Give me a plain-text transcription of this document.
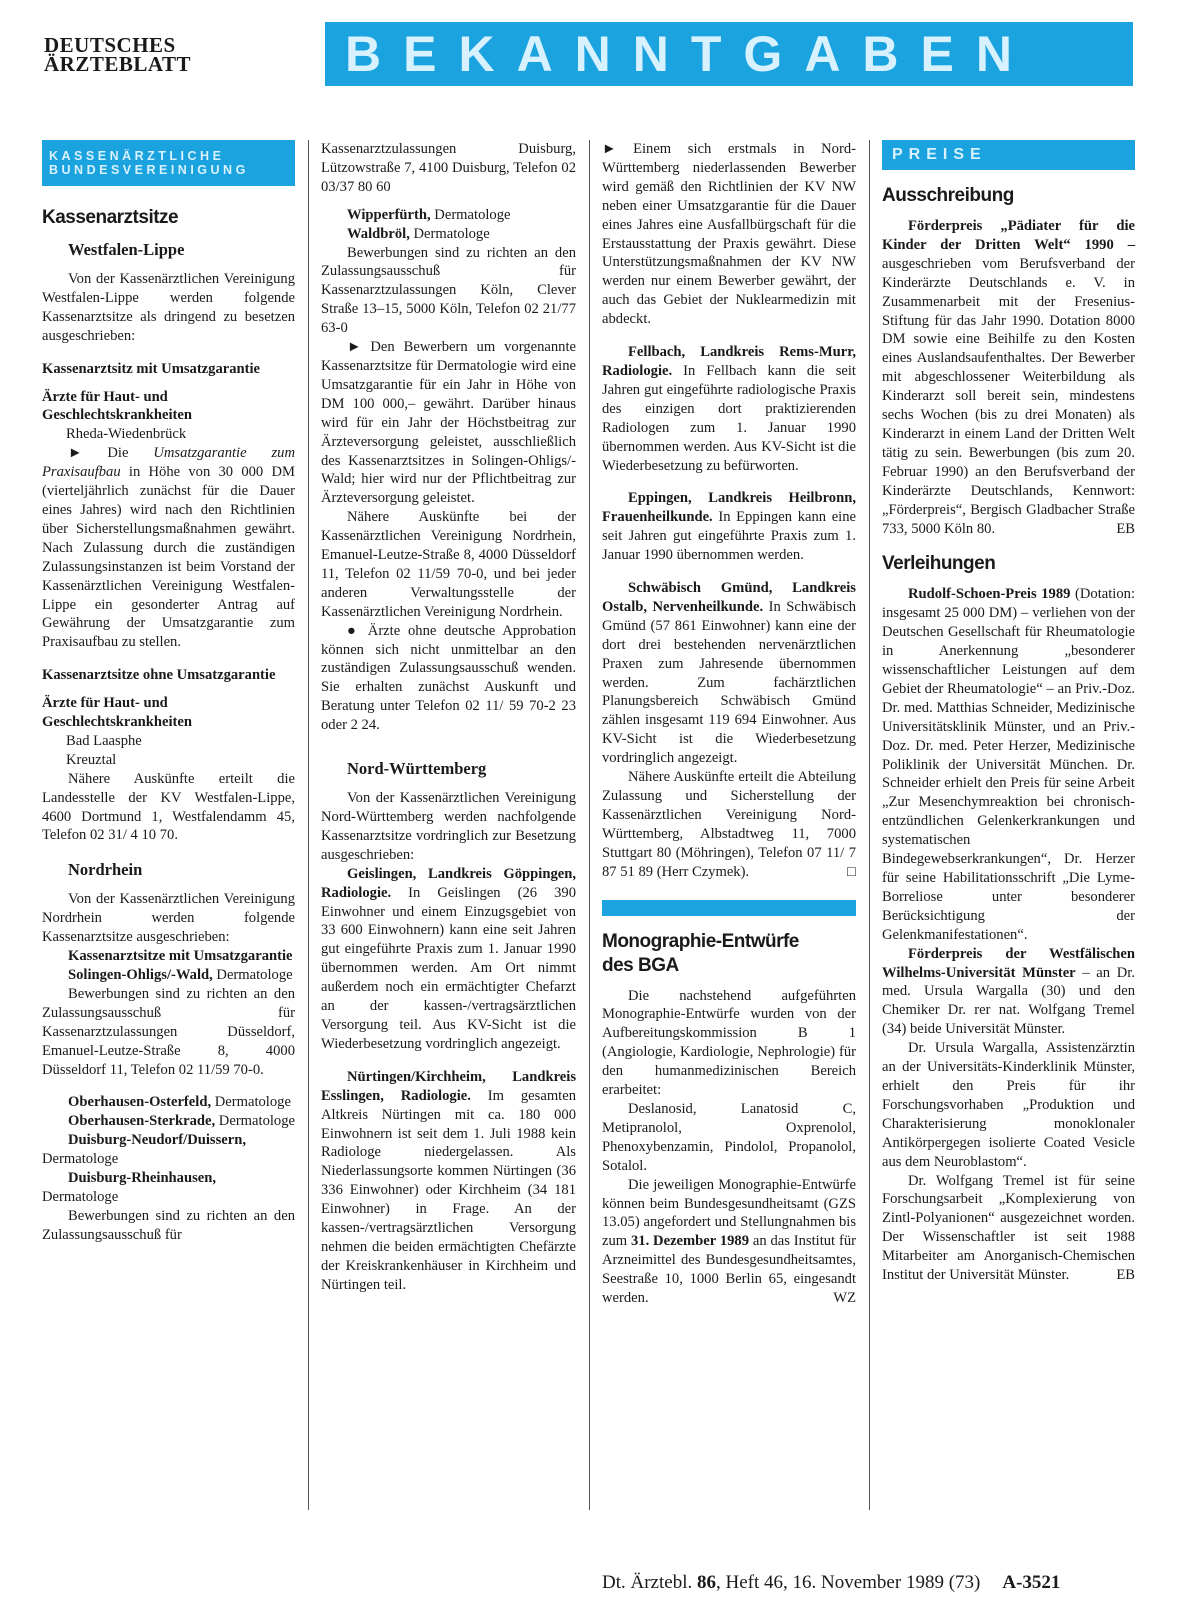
DEUTSCHES
ÄRZTEBLATT	BEKANNTGABEN
KASSENÄRZTLICHE
BUNDESVEREINIGUNG
Kassenarztsitze
Westfalen-Lippe

Von der Kassenärztlichen Vereinigung Westfalen-Lippe werden folgende Kassenarztsitze als dringend zu besetzen ausgeschrieben:

Kassenarztsitz mit Umsatzgarantie

Ärzte für Haut- und Geschlechtskrankheiten

Rheda-Wiedenbrück

► Die Umsatzgarantie zum Praxisaufbau in Höhe von 30 000 DM (vierteljährlich zunächst für die Dauer eines Jahres) wird nach den Richtlinien über Sicherstellungsmaßnahmen gewährt. Nach Zulassung durch die zuständigen Zulassungsinstanzen ist beim Vorstand der Kassenärztlichen Vereinigung Westfalen-Lippe ein gesonderter Antrag auf Gewährung der Umsatzgarantie zum Praxisaufbau zu stellen.

Kassenarztsitze ohne Umsatzgarantie

Ärzte für Haut- und Geschlechtskrankheiten

Bad Laasphe

Kreuztal

Nähere Auskünfte erteilt die Landesstelle der KV Westfalen-Lippe, 4600 Dortmund 1, Westfalendamm 45, Telefon 02 31/ 4 10 70.

Nordrhein

Von der Kassenärztlichen Vereinigung Nordrhein werden folgende Kassenarztsitze ausgeschrieben:

Kassenarztsitze mit Umsatzgarantie

Solingen-Ohligs/-Wald, Dermatologe

Bewerbungen sind zu richten an den Zulassungsausschuß für Kassenarztzulassungen Düsseldorf, Emanuel-Leutze-Straße 8, 4000 Düsseldorf 11, Telefon 02 11/59 70-0.

Oberhausen-Osterfeld, Dermatologe

Oberhausen-Sterkrade, Dermatologe

Duisburg-Neudorf/Duissern, Dermatologe

Duisburg-Rheinhausen, Dermatologe

Bewerbungen sind zu richten an den Zulassungsausschuß für

Kassenarztzulassungen Duisburg, Lützowstraße 7, 4100 Duisburg, Telefon 02 03/37 80 60

Wipperfürth, Dermatologe

Waldbröl, Dermatologe

Bewerbungen sind zu richten an den Zulassungsausschuß für Kassenarztzulassungen Köln, Clever Straße 13–15, 5000 Köln, Telefon 02 21/77 63-0

► Den Bewerbern um vorgenannte Kassenarztsitze für Dermatologie wird eine Umsatzgarantie für ein Jahr in Höhe von DM 100 000,– gewährt. Darüber hinaus wird für ein Jahr der Höchstbeitrag zur Ärzteversorgung geleistet, ausschließlich des Kassenarztsitzes in Solingen-Ohligs/-Wald; hier wird nur der Pflichtbeitrag zur Ärzteversorgung geleistet.

Nähere Auskünfte bei der Kassenärztlichen Vereinigung Nordrhein, Emanuel-Leutze-Straße 8, 4000 Düsseldorf 11, Telefon 02 11/59 70-0, und bei jeder anderen Verwaltungsstelle der Kassenärztlichen Vereinigung Nordrhein.

● Ärzte ohne deutsche Approbation können sich nicht unmittelbar an den zuständigen Zulassungsausschuß wenden. Sie erhalten zunächst Auskunft und Beratung unter Telefon 02 11/ 59 70-2 23 oder 2 24.

Nord-Württemberg

Von der Kassenärztlichen Vereinigung Nord-Württemberg werden nachfolgende Kassenarztsitze vordringlich zur Besetzung ausgeschrieben:

Geislingen, Landkreis Göppingen, Radiologie. In Geislingen (26 390 Einwohner und einem Einzugsgebiet von 33 600 Einwohnern) kann eine seit Jahren gut eingeführte Praxis zum 1. Januar 1990 übernommen werden. Am Ort nimmt außerdem noch ein ermächtigter Chefarzt an der kassen-/vertragsärztlichen Versorgung teil. Aus KV-Sicht ist die Wiederbesetzung vordringlich angezeigt.

Nürtingen/Kirchheim, Landkreis Esslingen, Radiologie. Im gesamten Altkreis Nürtingen mit ca. 180 000 Einwohnern ist seit dem 1. Juli 1988 kein Radiologe niedergelassen. Als Niederlassungsorte kommen Nürtingen (36 336 Einwohner) oder Kirchheim (34 181 Einwohner) in Frage. An der kassen-/vertragsärztlichen Versorgung nehmen die beiden ermächtigten Chefärzte der Kreiskrankenhäuser in Kirchheim und Nürtingen teil.

► Einem sich erstmals in Nord-Württemberg niederlassenden Bewerber wird gemäß den Richtlinien der KV NW neben einer Umsatzgarantie für die Dauer eines Jahres eine Ausfallbürgschaft für die Erstausstattung der Praxis gewährt. Diese Unterstützungsmaßnahmen der KV NW werden nur einem Bewerber gewährt, der auch das Gebiet der Nuklearmedizin mit abdeckt.

Fellbach, Landkreis Rems-Murr, Radiologie. In Fellbach kann die seit Jahren gut eingeführte radiologische Praxis des einzigen dort praktizierenden Radiologen zum 1. Januar 1990 übernommen werden. Aus KV-Sicht ist die Wiederbesetzung zu befürworten.

Eppingen, Landkreis Heilbronn, Frauenheilkunde. In Eppingen kann eine seit Jahren gut eingeführte Praxis zum 1. Januar 1990 übernommen werden.

Schwäbisch Gmünd, Landkreis Ostalb, Nervenheilkunde. In Schwäbisch Gmünd (57 861 Einwohner) kann eine der dort drei bestehenden nervenärztlichen Praxen zum Jahresende übernommen werden. Zum fachärztlichen Planungsbereich Schwäbisch Gmünd zählen insgesamt 119 694 Einwohner. Aus KV-Sicht ist die Wiederbesetzung vordringlich angezeigt.

Nähere Auskünfte erteilt die Abteilung Zulassung und Sicherstellung der Kassenärztlichen Vereinigung Nord-Württemberg, Albstadtweg 11, 7000 Stuttgart 80 (Möhringen), Telefon 07 11/ 7 87 51 89 (Herr Czymek).	□

Monographie-Entwürfe des BGA

Die nachstehend aufgeführten Monographie-Entwürfe wurden von der Aufbereitungskommission B 1 (Angiologie, Kardiologie, Nephrologie) für den humanmedizinischen Bereich erarbeitet:

Deslanosid, Lanatosid C, Metipranolol, Oxprenolol, Phenoxybenzamin, Pindolol, Propanolol, Sotalol.

Die jeweiligen Monographie-Entwürfe können beim Bundesgesundheitsamt (GZS 13.05) angefordert und Stellungnahmen bis zum 31. Dezember 1989 an das Institut für Arzneimittel des Bundesgesundheitsamtes, Seestraße 10, 1000 Berlin 65, eingesandt werden.	WZ

PREISE
Ausschreibung

Förderpreis „Pädiater für die Kinder der Dritten Welt“ 1990 – ausgeschrieben vom Berufsverband der Kinderärzte Deutschlands e. V. in Zusammenarbeit mit der Fresenius-Stiftung für das Jahr 1990. Dotation 8000 DM sowie eine Beihilfe zu den Kosten eines Auslandsaufenthaltes. Der Bewerber mit abgeschlossener Weiterbildung als Kinderarzt soll bereit sein, mindestens sechs Wochen (bis zu drei Monaten) als Kinderarzt in einem Land der Dritten Welt tätig zu sein. Bewerbungen (bis zum 20. Februar 1990) an den Berufsverband der Kinderärzte Deutschlands, Kennwort: „Förderpreis“, Bergisch Gladbacher Straße 733, 5000 Köln 80.	EB

Verleihungen

Rudolf-Schoen-Preis 1989 (Dotation: insgesamt 25 000 DM) – verliehen von der Deutschen Gesellschaft für Rheumatologie in Anerkennung „besonderer wissenschaftlicher Leistungen auf dem Gebiet der Rheumatologie“ – an Priv.-Doz. Dr. med. Matthias Schneider, Medizinische Universitätsklinik Münster, und an Priv.-Doz. Dr. med. Peter Herzer, Medizinische Poliklinik der Universität München. Dr. Schneider erhielt den Preis für seine Arbeit „Zur Mesenchymreaktion bei chronisch-entzündlichen Gelenkerkrankungen und systematischen Bindegewebserkrankungen“, Dr. Herzer für seine Habilitationsschrift „Die Lyme-Borreliose unter besonderer Berücksichtigung der Gelenkmanifestationen“.

Förderpreis der Westfälischen Wilhelms-Universität Münster – an Dr. med. Ursula Wargalla (30) und den Chemiker Dr. rer nat. Wolfgang Tremel (34) beide Universität Münster.

Dr. Ursula Wargalla, Assistenzärztin an der Universitäts-Kinderklinik Münster, erhielt den Preis für ihr Forschungsvorhaben „Produktion und Charakterisierung monoklonaler Antikörpergegen isolierte Coated Vesicle aus dem Neuroblastom“.

Dr. Wolfgang Tremel ist für seine Forschungsarbeit „Komplexierung von Zintl-Polyanionen“ ausgezeichnet worden. Der Wissenschaftler ist seit 1988 Mitarbeiter am Anorganisch-Chemischen Institut der Universität Münster.	EB

Dt. Ärztebl. 86, Heft 46, 16. November 1989 (73) A-3521
